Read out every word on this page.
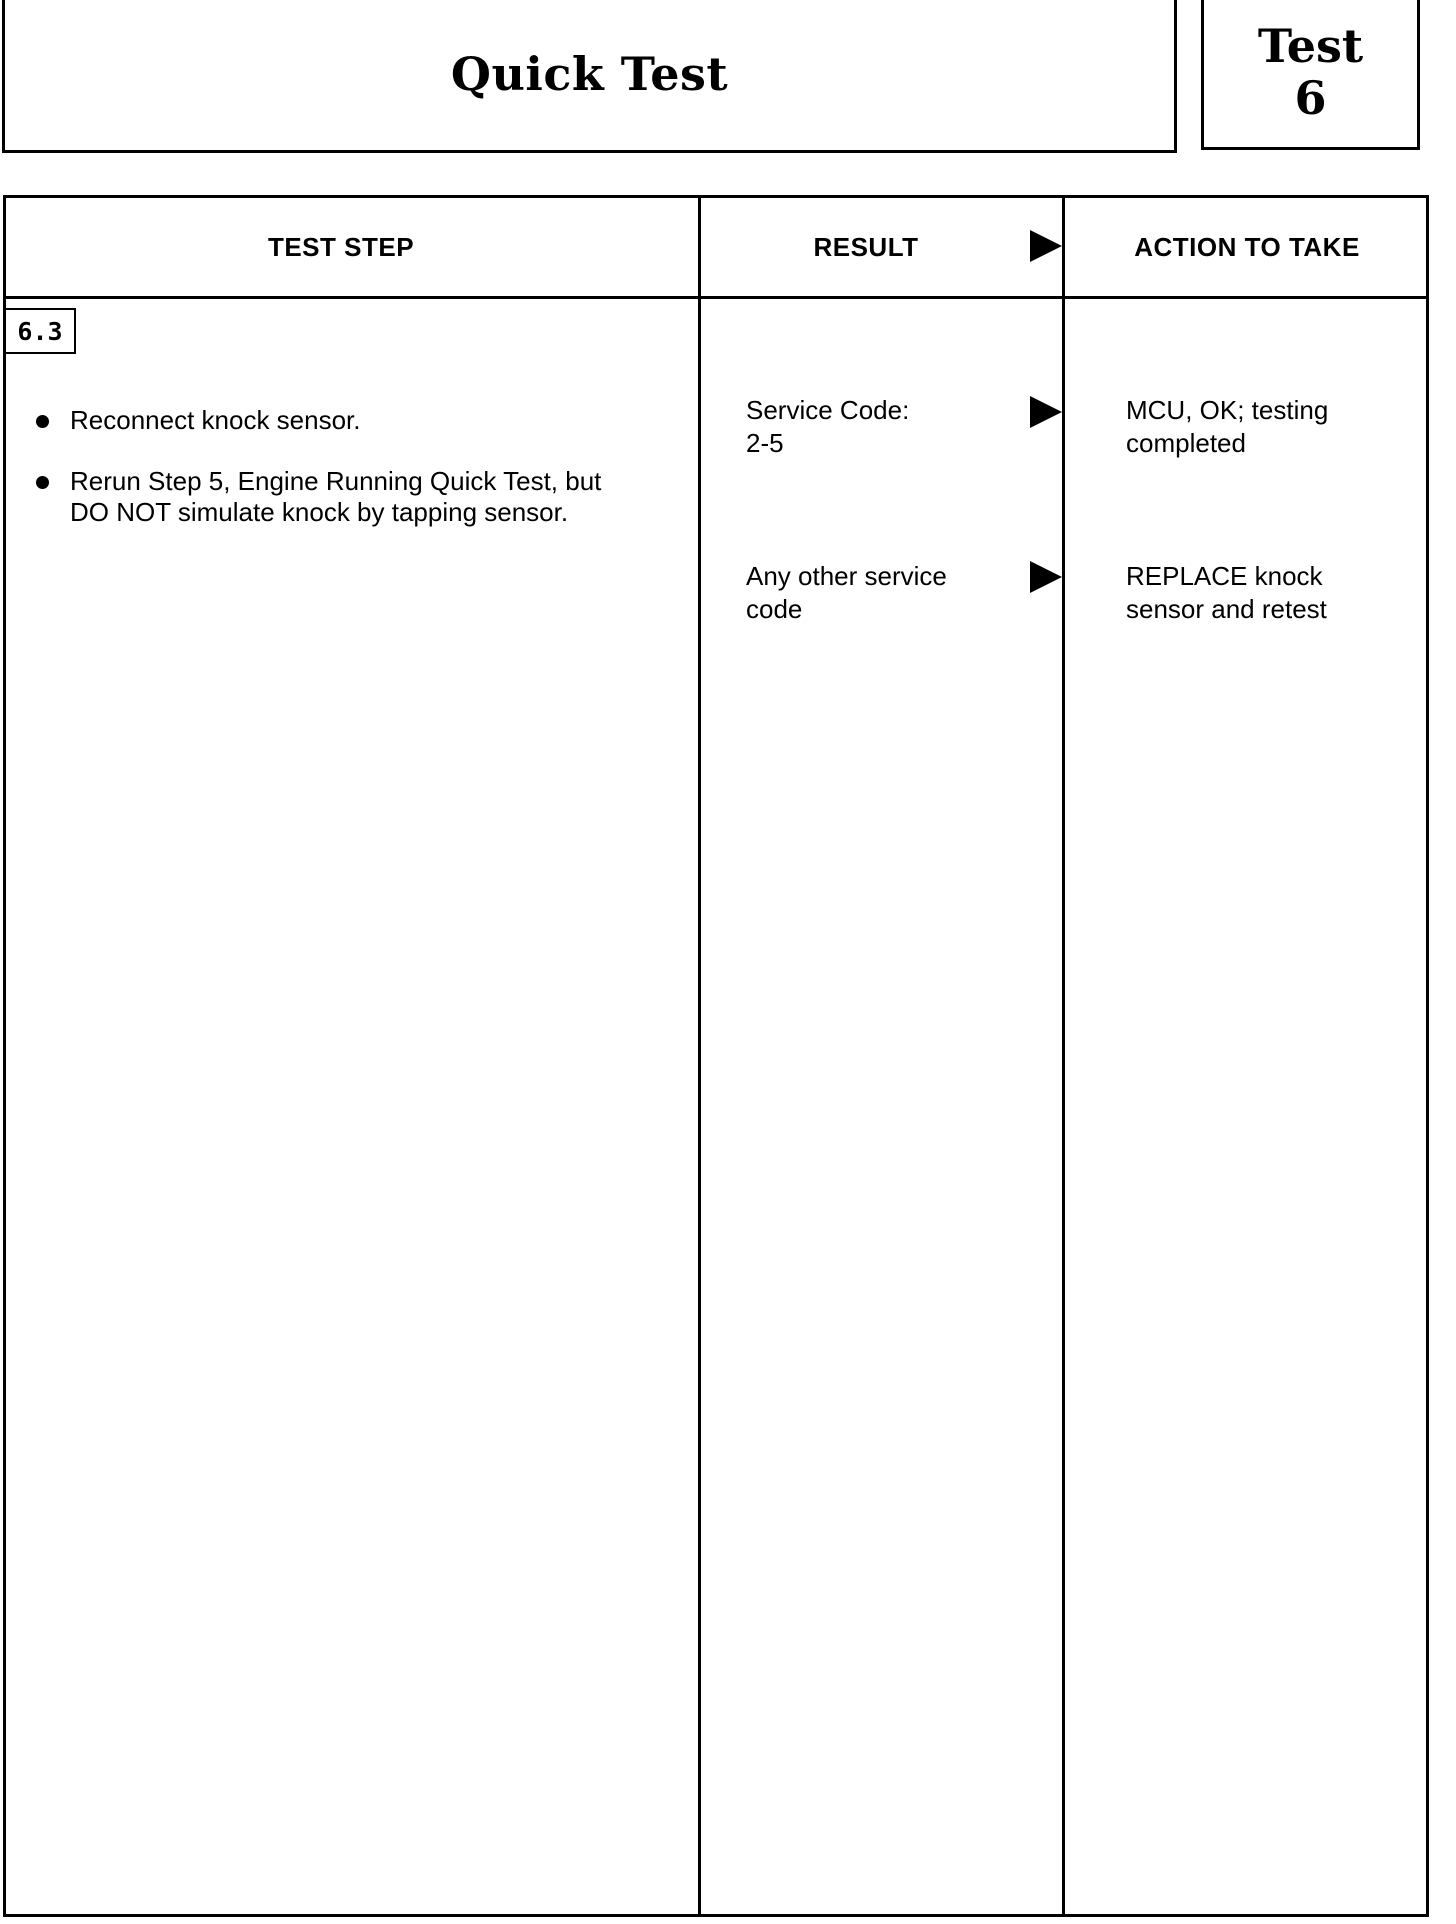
Quick Test
Test
6
TEST STEP	RESULT	ACTION TO TAKE
6.3
Reconnect knock sensor.
Rerun Step 5, Engine Running Quick Test, but DO NOT simulate knock by tapping sensor.
Service Code:
2-5
MCU, OK; testing
completed
Any other service
code
REPLACE knock
sensor and retest
